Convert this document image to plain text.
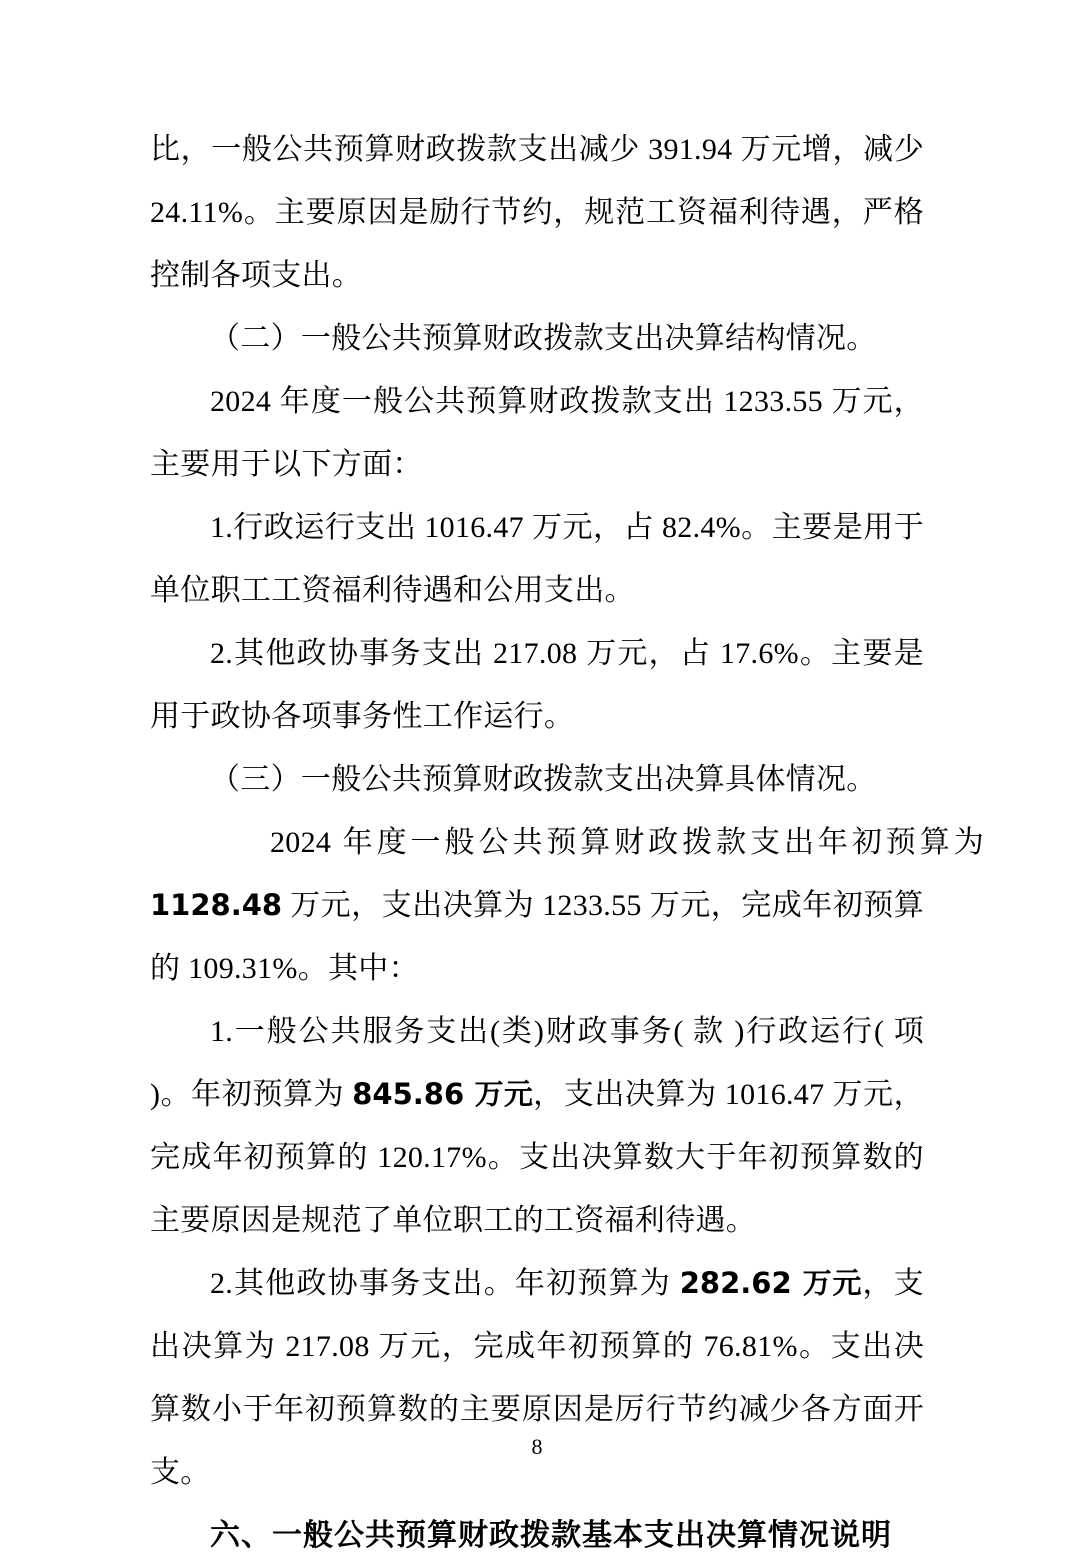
比，一般公共预算财政拨款支出减少 391.94 万元增，减少 24.11%。主要原因是励行节约，规范工资福利待遇，严格控制各项支出。

（二）一般公共预算财政拨款支出决算结构情况。

2024 年度一般公共预算财政拨款支出 1233.55 万元，主要用于以下方面：

1.行政运行支出 1016.47 万元，占 82.4%。主要是用于单位职工工资福利待遇和公用支出。

2.其他政协事务支出 217.08 万元，占 17.6%。主要是用于政协各项事务性工作运行。

（三）一般公共预算财政拨款支出决算具体情况。

2024 年度一般公共预算财政拨款支出年初预算为1128.48 万元，支出决算为 1233.55 万元，完成年初预算的 109.31%。其中：

1.一般公共服务支出(类)财政事务( 款 )行政运行( 项 )。年初预算为 845.86 万元，支出决算为 1016.47 万元，完成年初预算的 120.17%。支出决算数大于年初预算数的主要原因是规范了单位职工的工资福利待遇。

2.其他政协事务支出。年初预算为 282.62 万元，支出决算为 217.08 万元，完成年初预算的 76.81%。支出决算数小于年初预算数的主要原因是厉行节约减少各方面开支。

六、一般公共预算财政拨款基本支出决算情况说明

8
